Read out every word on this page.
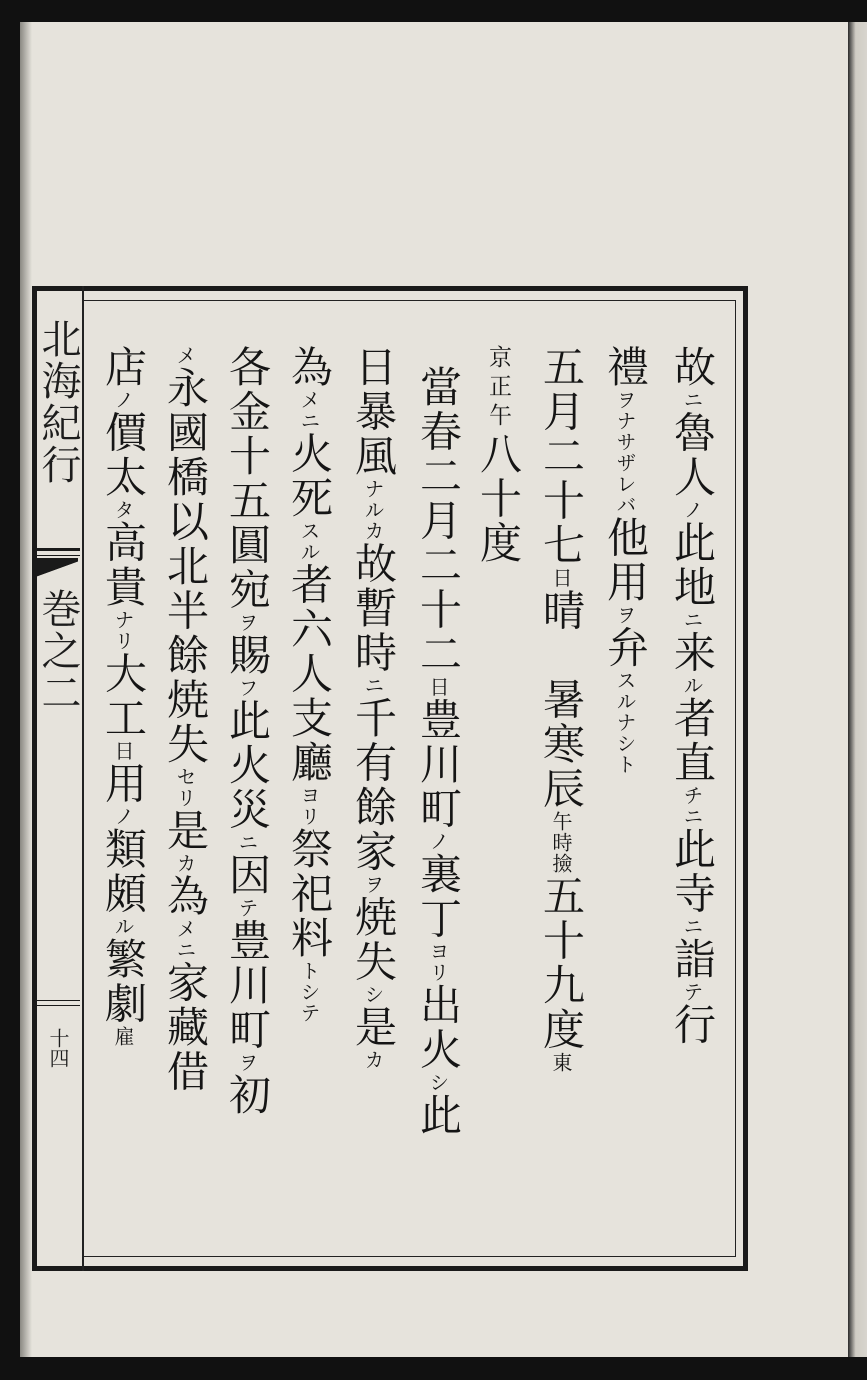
北海紀行
巻之二
十四
故ニ魯人ノ此地ニ来ル者直チニ此寺ニ詣テ行
禮ヲナサザレバ他用ヲ弁スルナシト
五月二十七日晴　暑寒辰午時撿五十九度東
京正午八十度
當春二月二十二日豊川町ノ裏丁ヨリ出火シ此
日暴風ナルカ故暫時ニ千有餘家ヲ焼失シ是カ
為メニ火死スル者六人支廳ヨリ祭祀料トシテ
各金十五圓宛ヲ賜フ此火災ニ因テ豊川町ヲ初
メ永國橋以北半餘焼失セリ是カ為メニ家藏借
店ノ價太タ高貴ナリ大工日用ノ類頗ル繁劇雇
